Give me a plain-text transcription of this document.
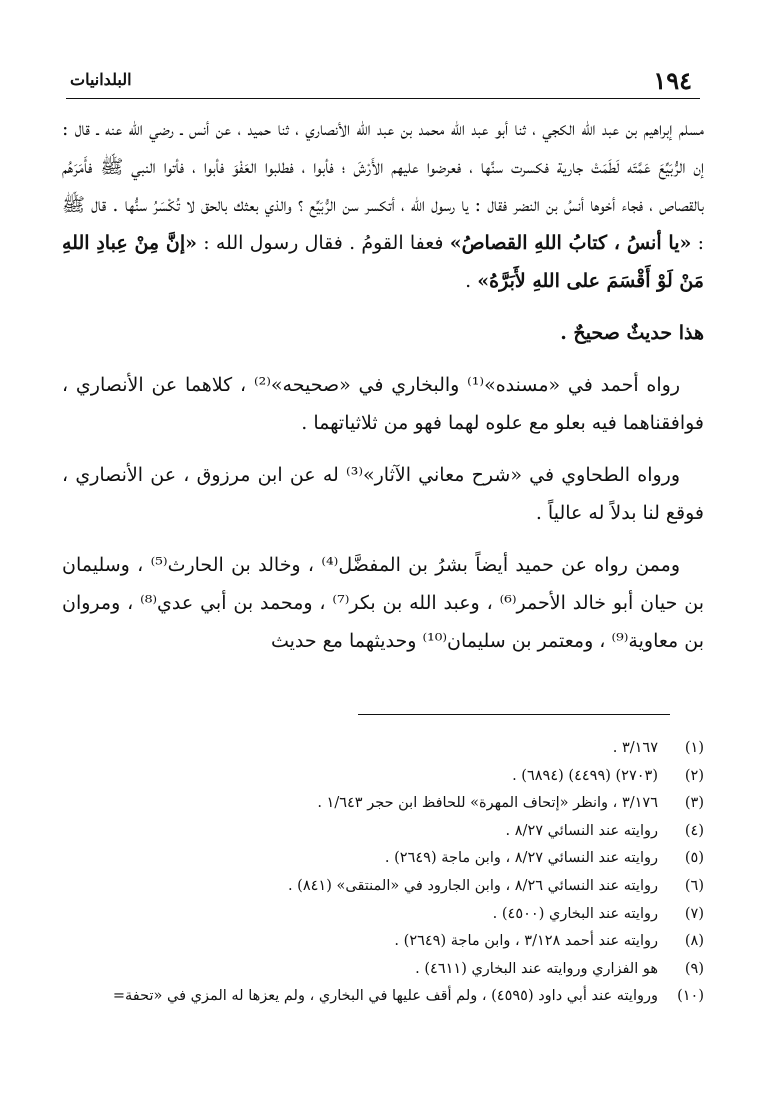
١٩٤
البلدانيات

مسلم إبراهيم بن عبد الله الكجي ، ثنا أبو عبد الله محمد بن عبد الله الأنصاري ، ثنا حميد ، عن أنس ـ رضي الله عنه ـ قال : إن الرُّبَيِّعَ عَمَّتَه لَطَمَتْ جارية فكسرت سنَّها ، فعرضوا عليهم الأَرْشَ ؛ فأبوا ، فطلبوا العَفْوَ فأبوا ، فأتوا النبي ﷺ فأَمَرَهُم بالقصاص ، فجاء أخوها أنسُ بن النضر فقال : يا رسول الله ، أتكسر سن الرُّبَيِّع ؟ والذي بعثك بالحق لا تُكْسَرُ سنُّها . قال ﷺ : «يا أنسُ ، كتابُ اللهِ القصاصُ» فعفا القومُ . فقال رسول الله : «إنَّ مِنْ عِبادِ اللهِ مَنْ لَوْ أَقْسَمَ على اللهِ لأَبَرَّهُ» .

هذا حديثٌ صحيحٌ .

رواه أحمد في «مسنده»⁽¹⁾ والبخاري في «صحيحه»⁽²⁾ ، كلاهما عن الأنصاري ، فوافقناهما فيه بعلو مع علوه لهما فهو من ثلاثياتهما .

ورواه الطحاوي في «شرح معاني الآثار»⁽³⁾ له عن ابن مرزوق ، عن الأنصاري ، فوقع لنا بدلاً له عالياً .

وممن رواه عن حميد أيضاً بشرُ بن المفضَّل⁽⁴⁾ ، وخالد بن الحارث⁽⁵⁾ ، وسليمان بن حيان أبو خالد الأحمر⁽⁶⁾ ، وعبد الله بن بكر⁽⁷⁾ ، ومحمد بن أبي عدي⁽⁸⁾ ، ومروان بن معاوية⁽⁹⁾ ، ومعتمر بن سليمان⁽¹⁰⁾ وحديثهما مع حديث

(١)
٣/١٦٧ .
(٢)
(٢٧٠٣) (٤٤٩٩) (٦٨٩٤) .
(٣)
٣/١٧٦ ، وانظر «إتحاف المهرة» للحافظ ابن حجر ١/٦٤٣ .
(٤)
روايته عند النسائي ٨/٢٧ .
(٥)
روايته عند النسائي ٨/٢٧ ، وابن ماجة (٢٦٤٩) .
(٦)
روايته عند النسائي ٨/٢٦ ، وابن الجارود في «المنتقى» (٨٤١) .
(٧)
روايته عند البخاري (٤٥٠٠) .
(٨)
روايته عند أحمد ٣/١٢٨ ، وابن ماجة (٢٦٤٩) .
(٩)
هو الفزاري وروايته عند البخاري (٤٦١١) .
(١٠)
وروايته عند أبي داود (٤٥٩٥) ، ولم أقف عليها في البخاري ، ولم يعزها له المزي في «تحفة=
